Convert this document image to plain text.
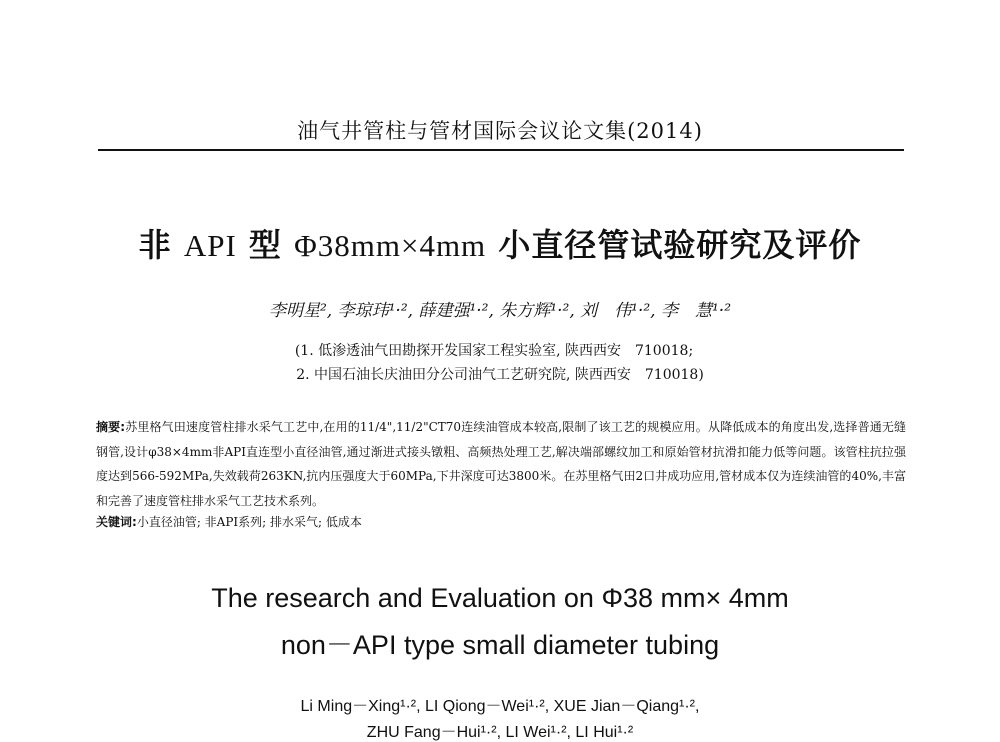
油气井管柱与管材国际会议论文集(2014)
非 API 型 Φ38mm×4mm 小直径管试验研究及评价
李明星², 李琼玮¹·², 薛建强¹·², 朱方辉¹·², 刘　伟¹·², 李　慧¹·²
(1. 低渗透油气田勘探开发国家工程实验室, 陕西西安　710018;
2. 中国石油长庆油田分公司油气工艺研究院, 陕西西安　710018)
摘要:苏里格气田速度管柱排水采气工艺中,在用的11/4",11/2"CT70连续油管成本较高,限制了该工艺的规模应用。从降低成本的角度出发,选择普通无缝钢管,设计φ38×4mm非API直连型小直径油管,通过渐进式接头镦粗、高频热处理工艺,解决端部螺纹加工和原始管材抗滑扣能力低等问题。该管柱抗拉强度达到566-592MPa,失效载荷263KN,抗内压强度大于60MPa,下井深度可达3800米。在苏里格气田2口井成功应用,管材成本仅为连续油管的40%,丰富和完善了速度管柱排水采气工艺技术系列。
关键词:小直径油管; 非API系列; 排水采气; 低成本
The research and Evaluation on Φ38 mm× 4mm
non－API type small diameter tubing
Li Ming－Xing¹·², LI Qiong－Wei¹·², XUE Jian－Qiang¹·²,
ZHU Fang－Hui¹·², LI Wei¹·², LI Hui¹·²
